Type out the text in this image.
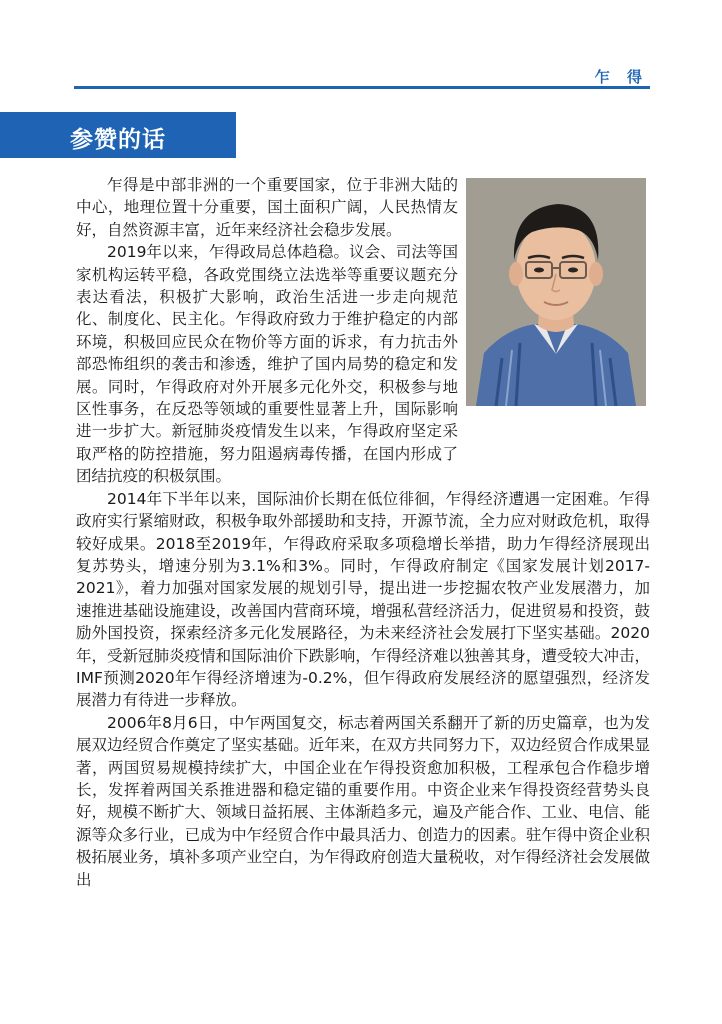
乍 得
参赞的话

乍得是中部非洲的一个重要国家，位于非洲大陆的中心，地理位置十分重要，国土面积广阔，人民热情友好，自然资源丰富，近年来经济社会稳步发展。

2019年以来，乍得政局总体趋稳。议会、司法等国家机构运转平稳，各政党围绕立法选举等重要议题充分表达看法，积极扩大影响，政治生活进一步走向规范化、制度化、民主化。乍得政府致力于维护稳定的内部环境，积极回应民众在物价等方面的诉求，有力抗击外部恐怖组织的袭击和渗透，维护了国内局势的稳定和发展。同时，乍得政府对外开展多元化外交，积极参与地区性事务，在反恐等领域的重要性显著上升，国际影响进一步扩大。新冠肺炎疫情发生以来，乍得政府坚定采取严格的防控措施，努力阻遏病毒传播，在国内形成了团结抗疫的积极氛围。

2014年下半年以来，国际油价长期在低位徘徊，乍得经济遭遇一定困难。乍得政府实行紧缩财政，积极争取外部援助和支持，开源节流，全力应对财政危机，取得较好成果。2018至2019年，乍得政府采取多项稳增长举措，助力乍得经济展现出复苏势头，增速分别为3.1%和3%。同时，乍得政府制定《国家发展计划2017-2021》，着力加强对国家发展的规划引导，提出进一步挖掘农牧产业发展潜力，加速推进基础设施建设，改善国内营商环境，增强私营经济活力，促进贸易和投资，鼓励外国投资，探索经济多元化发展路径，为未来经济社会发展打下坚实基础。2020年，受新冠肺炎疫情和国际油价下跌影响，乍得经济难以独善其身，遭受较大冲击，IMF预测2020年乍得经济增速为-0.2%，但乍得政府发展经济的愿望强烈，经济发展潜力有待进一步释放。

2006年8月6日，中乍两国复交，标志着两国关系翻开了新的历史篇章，也为发展双边经贸合作奠定了坚实基础。近年来，在双方共同努力下，双边经贸合作成果显著，两国贸易规模持续扩大，中国企业在乍得投资愈加积极，工程承包合作稳步增长，发挥着两国关系推进器和稳定锚的重要作用。中资企业来乍得投资经营势头良好，规模不断扩大、领域日益拓展、主体渐趋多元，遍及产能合作、工业、电信、能源等众多行业，已成为中乍经贸合作中最具活力、创造力的因素。驻乍得中资企业积极拓展业务，填补多项产业空白，为乍得政府创造大量税收，对乍得经济社会发展做出
